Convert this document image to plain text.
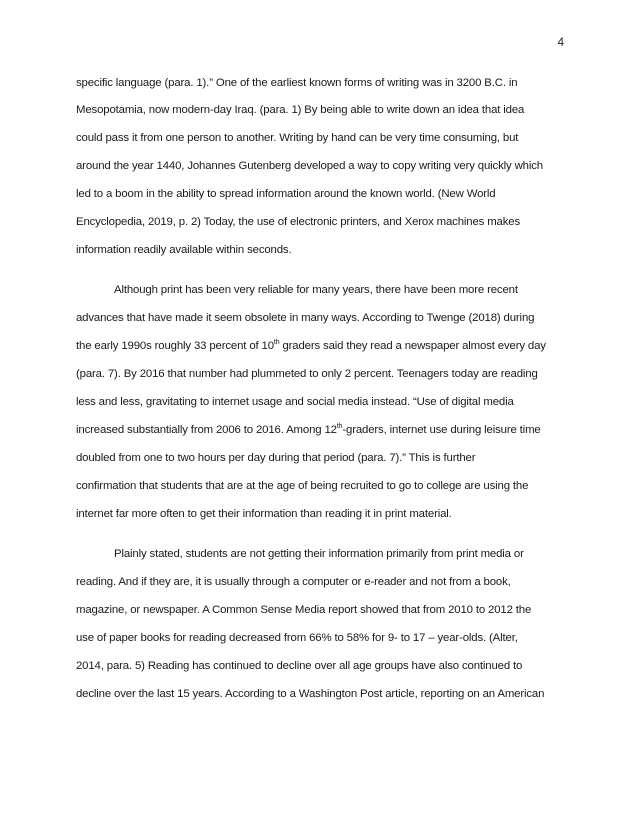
4
specific language (para. 1).” One of the earliest known forms of writing was in 3200 B.C. in
Mesopotamia, now modern-day Iraq. (para. 1) By being able to write down an idea that idea
could pass it from one person to another. Writing by hand can be very time consuming, but
around the year 1440, Johannes Gutenberg developed a way to copy writing very quickly which
led to a boom in the ability to spread information around the known world. (New World
Encyclopedia, 2019, p. 2) Today, the use of electronic printers, and Xerox machines makes
information readily available within seconds.
Although print has been very reliable for many years, there have been more recent
advances that have made it seem obsolete in many ways. According to Twenge (2018) during
the early 1990s roughly 33 percent of 10th graders said they read a newspaper almost every day
(para. 7). By 2016 that number had plummeted to only 2 percent. Teenagers today are reading
less and less, gravitating to internet usage and social media instead. “Use of digital media
increased substantially from 2006 to 2016. Among 12th-graders, internet use during leisure time
doubled from one to two hours per day during that period (para. 7).” This is further
confirmation that students that are at the age of being recruited to go to college are using the
internet far more often to get their information than reading it in print material.
Plainly stated, students are not getting their information primarily from print media or
reading. And if they are, it is usually through a computer or e-reader and not from a book,
magazine, or newspaper. A Common Sense Media report showed that from 2010 to 2012 the
use of paper books for reading decreased from 66% to 58% for 9- to 17 – year-olds. (Alter,
2014, para. 5) Reading has continued to decline over all age groups have also continued to
decline over the last 15 years. According to a Washington Post article, reporting on an American
